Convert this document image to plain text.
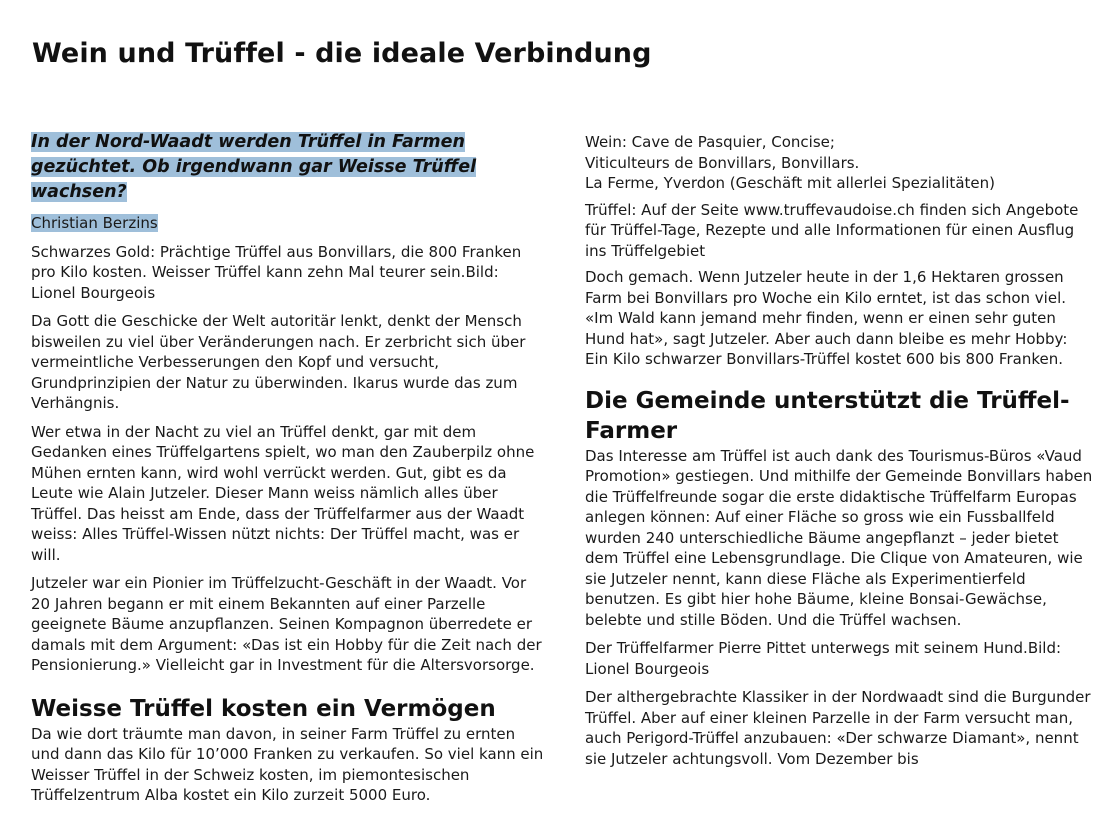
Wein und Trüffel - die ideale Verbindung

In der Nord-Waadt werden Trüffel in Farmen gezüchtet. Ob irgendwann gar Weisse Trüffel wachsen?

Christian Berzins

Schwarzes Gold: Prächtige Trüffel aus Bonvillars, die 800 Franken pro Kilo kosten. Weisser Trüffel kann zehn Mal teurer sein.Bild: Lionel Bourgeois

Da Gott die Geschicke der Welt autoritär lenkt, denkt der Mensch bisweilen zu viel über Veränderungen nach. Er zerbricht sich über vermeintliche Verbesserungen den Kopf und versucht, Grundprinzipien der Natur zu überwinden. Ikarus wurde das zum Verhängnis.

Wer etwa in der Nacht zu viel an Trüffel denkt, gar mit dem Gedanken eines Trüffelgartens spielt, wo man den Zauberpilz ohne Mühen ernten kann, wird wohl verrückt werden. Gut, gibt es da Leute wie Alain Jutzeler. Dieser Mann weiss nämlich alles über Trüffel. Das heisst am Ende, dass der Trüffelfarmer aus der Waadt weiss: Alles Trüffel-Wissen nützt nichts: Der Trüffel macht, was er will.

Jutzeler war ein Pionier im Trüffelzucht-Geschäft in der Waadt. Vor 20 Jahren begann er mit einem Bekannten auf einer Parzelle geeignete Bäume anzupflanzen. Seinen Kompagnon überredete er damals mit dem Argument: «Das ist ein Hobby für die Zeit nach der Pensionierung.» Vielleicht gar in Investment für die Altersvorsorge.

Weisse Trüffel kosten ein Vermögen

Da wie dort träumte man davon, in seiner Farm Trüffel zu ernten und dann das Kilo für 10’000 Franken zu verkaufen. So viel kann ein Weisser Trüffel in der Schweiz kosten, im piemontesischen Trüffelzentrum Alba kostet ein Kilo zurzeit 5000 Euro.

Wein: Cave de Pasquier, Concise;
Viticulteurs de Bonvillars, Bonvillars.
La Ferme, Yverdon (Geschäft mit allerlei Spezialitäten)

Trüffel: Auf der Seite www.truffevaudoise.ch finden sich Angebote für Trüffel-Tage, Rezepte und alle Informationen für einen Ausflug ins Trüffelgebiet

Doch gemach. Wenn Jutzeler heute in der 1,6 Hektaren grossen Farm bei Bonvillars pro Woche ein Kilo erntet, ist das schon viel. «Im Wald kann jemand mehr finden, wenn er einen sehr guten Hund hat», sagt Jutzeler. Aber auch dann bleibe es mehr Hobby: Ein Kilo schwarzer Bonvillars-Trüffel kostet 600 bis 800 Franken.

Die Gemeinde unterstützt die Trüffel-Farmer

Das Interesse am Trüffel ist auch dank des Tourismus-Büros «Vaud Promotion» gestiegen. Und mithilfe der Gemeinde Bonvillars haben die Trüffelfreunde sogar die erste didaktische Trüffelfarm Europas anlegen können: Auf einer Fläche so gross wie ein Fussballfeld wurden 240 unterschiedliche Bäume angepflanzt – jeder bietet dem Trüffel eine Lebensgrundlage. Die Clique von Amateuren, wie sie Jutzeler nennt, kann diese Fläche als Experimentierfeld benutzen. Es gibt hier hohe Bäume, kleine Bonsai-Gewächse, belebte und stille Böden. Und die Trüffel wachsen.

Der Trüffelfarmer Pierre Pittet unterwegs mit seinem Hund.Bild: Lionel Bourgeois

Der althergebrachte Klassiker in der Nordwaadt sind die Burgunder Trüffel. Aber auf einer kleinen Parzelle in der Farm versucht man, auch Perigord-Trüffel anzubauen: «Der schwarze Diamant», nennt sie Jutzeler achtungsvoll. Vom Dezember bis
